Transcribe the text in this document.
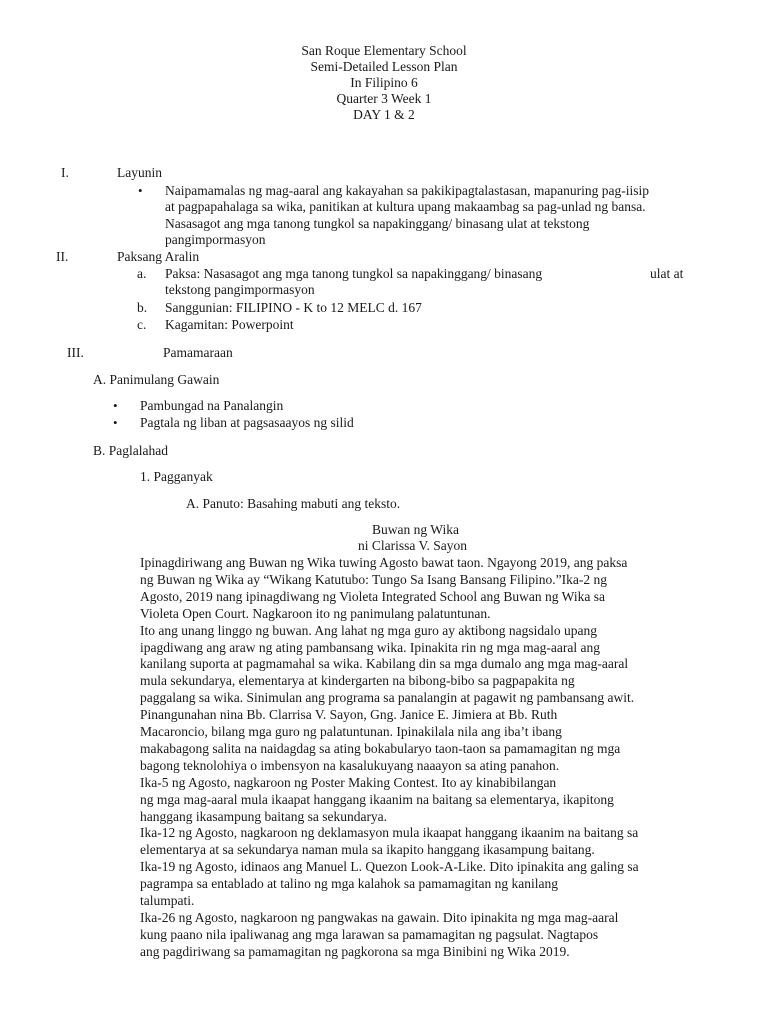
San Roque Elementary School
Semi-Detailed Lesson Plan
In Filipino 6
Quarter 3 Week 1
DAY 1 & 2
I.	Layunin
Naipamamalas ng mag-aaral ang kakayahan sa pakikipagtalastasan, mapanuring pag-iisip
at pagpapahalaga sa wika, panitikan at kultura upang makaambag sa pag-unlad ng bansa.
Nasasagot ang mga tanong tungkol sa napakinggang/ binasang ulat at tekstong
pangimpormasyon
II.	Paksang Aralin
a. Paksa: Nasasagot ang mga tanong tungkol sa napakinggang/ binasang	ulat at
tekstong pangimpormasyon
b. Sanggunian: FILIPINO - K to 12 MELC d. 167
c. Kagamitan: Powerpoint
III.	Pamamaraan
A. Panimulang Gawain
Pambungad na Panalangin
Pagtala ng liban at pagsasaayos ng silid
B. Paglalahad
1. Pagganyak
A. Panuto: Basahing mabuti ang teksto.
Buwan ng Wika
ni Clarissa V. Sayon
Ipinagdiriwang ang Buwan ng Wika tuwing Agosto bawat taon. Ngayong 2019, ang paksa
ng Buwan ng Wika ay “Wikang Katutubo: Tungo Sa Isang Bansang Filipino.”Ika-2 ng
Agosto, 2019 nang ipinagdiwang ng Violeta Integrated School ang Buwan ng Wika sa
Violeta Open Court. Nagkaroon ito ng panimulang palatuntunan.
Ito ang unang linggo ng buwan. Ang lahat ng mga guro ay aktibong nagsidalo upang
ipagdiwang ang araw ng ating pambansang wika. Ipinakita rin ng mga mag-aaral ang
kanilang suporta at pagmamahal sa wika. Kabilang din sa mga dumalo ang mga mag-aaral
mula sekundarya, elementarya at kindergarten na bibong-bibo sa pagpapakita ng
paggalang sa wika. Sinimulan ang programa sa panalangin at pagawit ng pambansang awit.
Pinangunahan nina Bb. Clarrisa V. Sayon, Gng. Janice E. Jimiera at Bb. Ruth
Macaroncio, bilang mga guro ng palatuntunan. Ipinakilala nila ang iba’t ibang
makabagong salita na naidagdag sa ating bokabularyo taon-taon sa pamamagitan ng mga
bagong teknolohiya o imbensyon na kasalukuyang naaayon sa ating panahon.
Ika-5 ng Agosto, nagkaroon ng Poster Making Contest. Ito ay kinabibilangan
ng mga mag-aaral mula ikaapat hanggang ikaanim na baitang sa elementarya, ikapitong
hanggang ikasampung baitang sa sekundarya.
Ika-12 ng Agosto, nagkaroon ng deklamasyon mula ikaapat hanggang ikaanim na baitang sa
elementarya at sa sekundarya naman mula sa ikapito hanggang ikasampung baitang.
Ika-19 ng Agosto, idinaos ang Manuel L. Quezon Look-A-Like. Dito ipinakita ang galing sa
pagrampa sa entablado at talino ng mga kalahok sa pamamagitan ng kanilang
talumpati.
Ika-26 ng Agosto, nagkaroon ng pangwakas na gawain. Dito ipinakita ng mga mag-aaral
kung paano nila ipaliwanag ang mga larawan sa pamamagitan ng pagsulat. Nagtapos
ang pagdiriwang sa pamamagitan ng pagkorona sa mga Binibini ng Wika 2019.
